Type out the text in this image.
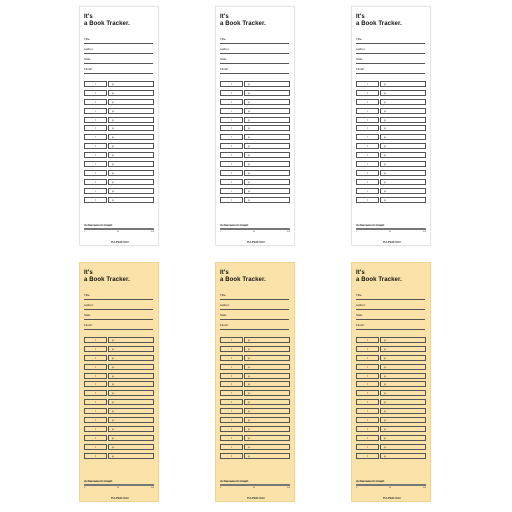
It's
a Book Tracker.
Title.
Author.
Start.	. .
Finish.	. .
/	p.
/	p.
/	p.
/	p.
/	p.
/	p.
/	p.
/	p.
/	p.
/	p.
/	p.
/	p.
/	p.
/	p.
Achievement Graph
0	50	100
PAPERIAN
It's
a Book Tracker.
Title.
Author.
Start.	. .
Finish.	. .
/	p.
/	p.
/	p.
/	p.
/	p.
/	p.
/	p.
/	p.
/	p.
/	p.
/	p.
/	p.
/	p.
/	p.
Achievement Graph
0	50	100
PAPERIAN
It's
a Book Tracker.
Title.
Author.
Start.	. .
Finish.	. .
/	p.
/	p.
/	p.
/	p.
/	p.
/	p.
/	p.
/	p.
/	p.
/	p.
/	p.
/	p.
/	p.
/	p.
Achievement Graph
0	50	100
PAPERIAN
It's
a Book Tracker.
Title.
Author.
Start.	. .
Finish.	. .
/	p.
/	p.
/	p.
/	p.
/	p.
/	p.
/	p.
/	p.
/	p.
/	p.
/	p.
/	p.
/	p.
/	p.
Achievement Graph
0	50	100
PAPERIAN
It's
a Book Tracker.
Title.
Author.
Start.	. .
Finish.	. .
/	p.
/	p.
/	p.
/	p.
/	p.
/	p.
/	p.
/	p.
/	p.
/	p.
/	p.
/	p.
/	p.
/	p.
Achievement Graph
0	50	100
PAPERIAN
It's
a Book Tracker.
Title.
Author.
Start.	. .
Finish.	. .
/	p.
/	p.
/	p.
/	p.
/	p.
/	p.
/	p.
/	p.
/	p.
/	p.
/	p.
/	p.
/	p.
/	p.
Achievement Graph
0	50	100
PAPERIAN
